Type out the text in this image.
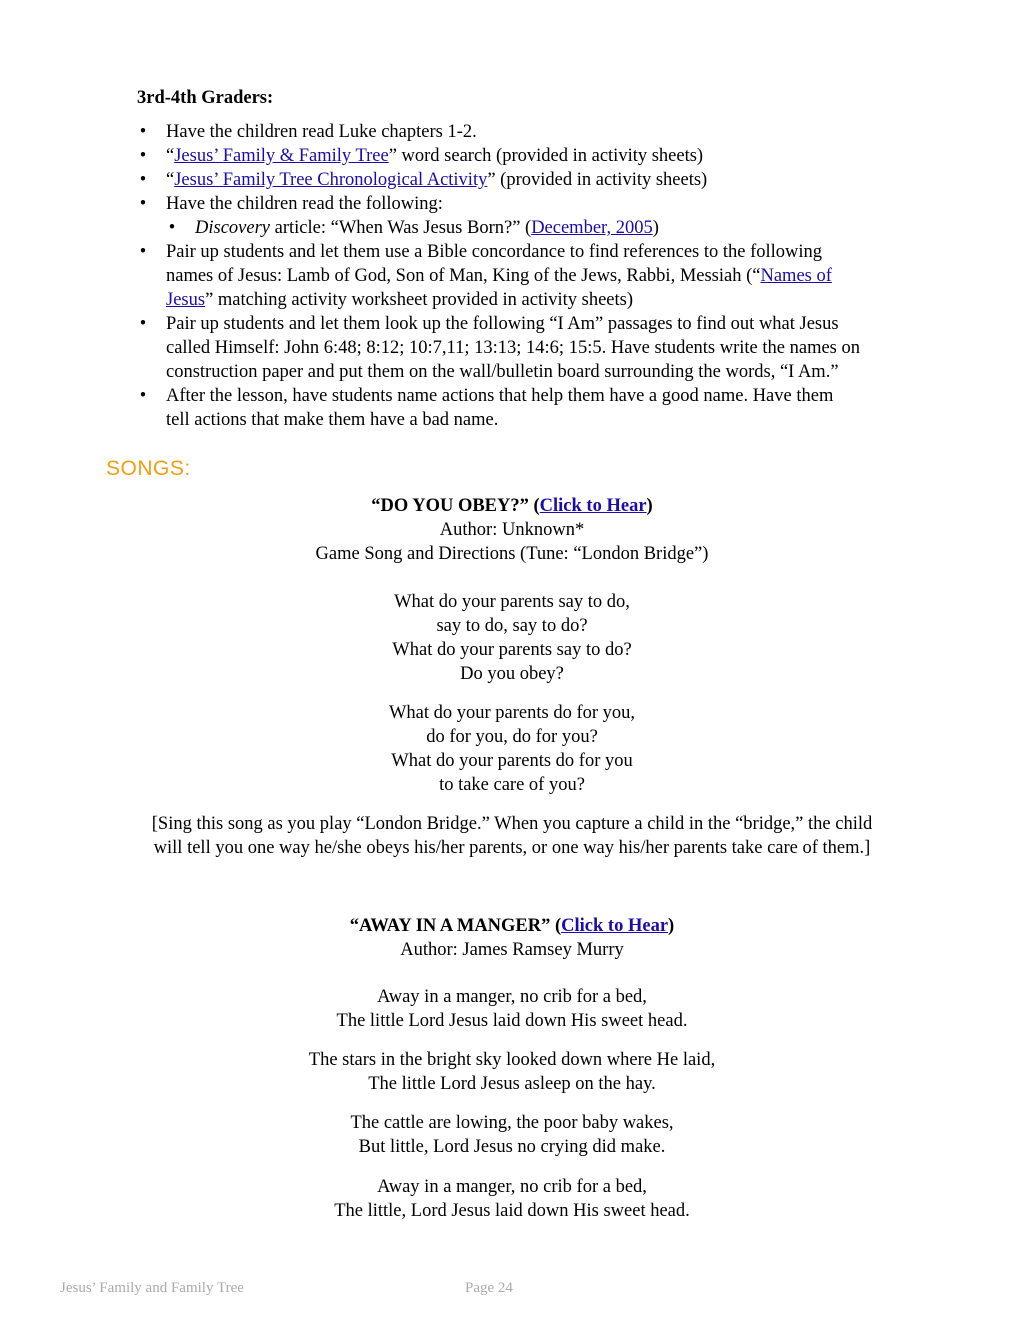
3rd-4th Graders:
• Have the children read Luke chapters 1-2.
• “Jesus’ Family & Family Tree” word search (provided in activity sheets)
• “Jesus’ Family Tree Chronological Activity” (provided in activity sheets)
• Have the children read the following:
• Discovery article: “When Was Jesus Born?” (December, 2005)
• Pair up students and let them use a Bible concordance to find references to the following
names of Jesus: Lamb of God, Son of Man, King of the Jews, Rabbi, Messiah (“Names of
Jesus” matching activity worksheet provided in activity sheets)
• Pair up students and let them look up the following “I Am” passages to find out what Jesus
called Himself: John 6:48; 8:12; 10:7,11; 13:13; 14:6; 15:5. Have students write the names on
construction paper and put them on the wall/bulletin board surrounding the words, “I Am.”
• After the lesson, have students name actions that help them have a good name. Have them
tell actions that make them have a bad name.
SONGS:
“DO YOU OBEY?” (Click to Hear)
Author: Unknown*
Game Song and Directions (Tune: “London Bridge”)
What do your parents say to do,
say to do, say to do?
What do your parents say to do?
Do you obey?
What do your parents do for you,
do for you, do for you?
What do your parents do for you
to take care of you?
[Sing this song as you play “London Bridge.” When you capture a child in the “bridge,” the child
will tell you one way he/she obeys his/her parents, or one way his/her parents take care of them.]
“AWAY IN A MANGER” (Click to Hear)
Author: James Ramsey Murry
Away in a manger, no crib for a bed,
The little Lord Jesus laid down His sweet head.
The stars in the bright sky looked down where He laid,
The little Lord Jesus asleep on the hay.
The cattle are lowing, the poor baby wakes,
But little, Lord Jesus no crying did make.
Away in a manger, no crib for a bed,
The little, Lord Jesus laid down His sweet head.
Jesus’ Family and Family Tree	Page 24
